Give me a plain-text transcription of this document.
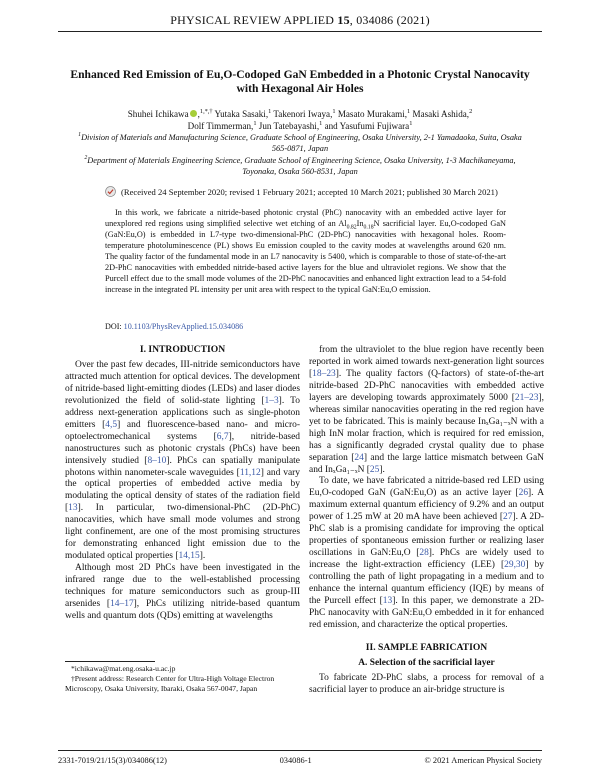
PHYSICAL REVIEW APPLIED 15, 034086 (2021)
Enhanced Red Emission of Eu,O-Codoped GaN Embedded in a Photonic Crystal Nanocavity with Hexagonal Air Holes
Shuhei Ichikawa ,$^{1,*,\dagger}$ Yutaka Sasaki,$^1$ Takenori Iwaya,$^1$ Masato Murakami,$^1$ Masaki Ashida,$^2$
Dolf Timmerman,$^1$ Jun Tatebayashi,$^1$ and Yasufumi Fujiwara$^1$
$^1$Division of Materials and Manufacturing Science, Graduate School of Engineering, Osaka University, 2-1 Yamadaoka, Suita, Osaka 565-0871, Japan
$^2$Department of Materials Engineering Science, Graduate School of Engineering Science, Osaka University, 1-3 Machikaneyama, Toyonaka, Osaka 560-8531, Japan
(Received 24 September 2020; revised 1 February 2021; accepted 10 March 2021; published 30 March 2021)

In this work, we fabricate a nitride-based photonic crystal (PhC) nanocavity with an embedded active layer for unexplored red regions using simplified selective wet etching of an $Al_{0.82}In_{0.18}N$ sacrificial layer. Eu,O-codoped GaN (GaN:Eu,O) is embedded in L7-type two-dimensional-PhC (2D-PhC) nanocavities with hexagonal holes. Room-temperature photoluminescence (PL) shows Eu emission coupled to the cavity modes at wavelengths around 620 nm. The quality factor of the fundamental mode in an L7 nanocavity is 5400, which is comparable to those of state-of-the-art 2D-PhC nanocavities with embedded nitride-based active layers for the blue and ultraviolet regions. We show that the Purcell effect due to the small mode volumes of the 2D-PhC nanocavities and enhanced light extraction lead to a 54-fold increase in the integrated PL intensity per unit area with respect to the typical GaN:Eu,O emission.

DOI: 10.1103/PhysRevApplied.15.034086
I. INTRODUCTION

Over the past few decades, III-nitride semiconductors have attracted much attention for optical devices. The development of nitride-based light-emitting diodes (LEDs) and laser diodes revolutionized the field of solid-state lighting [1–3]. To address next-generation applications such as single-photon emitters [4,5] and fluorescence-based nano- and micro-optoelectromechanical systems [6,7], nitride-based nanostructures such as photonic crystals (PhCs) have been intensively studied [8–10]. PhCs can spatially manipulate photons within nanometer-scale waveguides [11,12] and vary the optical properties of embedded active media by modulating the optical density of states of the radiation field [13]. In particular, two-dimensional-PhC (2D-PhC) nanocavities, which have small mode volumes and strong light confinement, are one of the most promising structures for demonstrating enhanced light emission due to the modulated optical properties [14,15].

Although most 2D PhCs have been investigated in the infrared range due to the well-established processing techniques for mature semiconductors such as group-III arsenides [14–17], PhCs utilizing nitride-based quantum wells and quantum dots (QDs) emitting at wavelengths

from the ultraviolet to the blue region have recently been reported in work aimed towards next-generation light sources [18–23]. The quality factors (Q-factors) of state-of-the-art nitride-based 2D-PhC nanocavities with embedded active layers are developing towards approximately 5000 [21–23], whereas similar nanocavities operating in the red region have yet to be fabricated. This is mainly because InₓGa₁₋ₓN with a high InN molar fraction, which is required for red emission, has a significantly degraded crystal quality due to phase separation [24] and the large lattice mismatch between GaN and InₓGa₁₋ₓN [25].

To date, we have fabricated a nitride-based red LED using Eu,O-codoped GaN (GaN:Eu,O) as an active layer [26]. A maximum external quantum efficiency of 9.2% and an output power of 1.25 mW at 20 mA have been achieved [27]. A 2D-PhC slab is a promising candidate for improving the optical properties of spontaneous emission further or realizing laser oscillations in GaN:Eu,O [28]. PhCs are widely used to increase the light-extraction efficiency (LEE) [29,30] by controlling the path of light propagating in a medium and to enhance the internal quantum efficiency (IQE) by means of the Purcell effect [13]. In this paper, we demonstrate a 2D-PhC nanocavity with GaN:Eu,O embedded in it for enhanced red emission, and characterize the optical properties.

II. SAMPLE FABRICATION
A. Selection of the sacrificial layer

To fabricate 2D-PhC slabs, a process for removal of a sacrificial layer to produce an air-bridge structure is

*ichikawa@mat.eng.osaka-u.ac.jp
†Present address: Research Center for Ultra-High Voltage Electron Microscopy, Osaka University, Ibaraki, Osaka 567-0047, Japan
2331-7019/21/15(3)/034086(12)	034086-1	© 2021 American Physical Society
